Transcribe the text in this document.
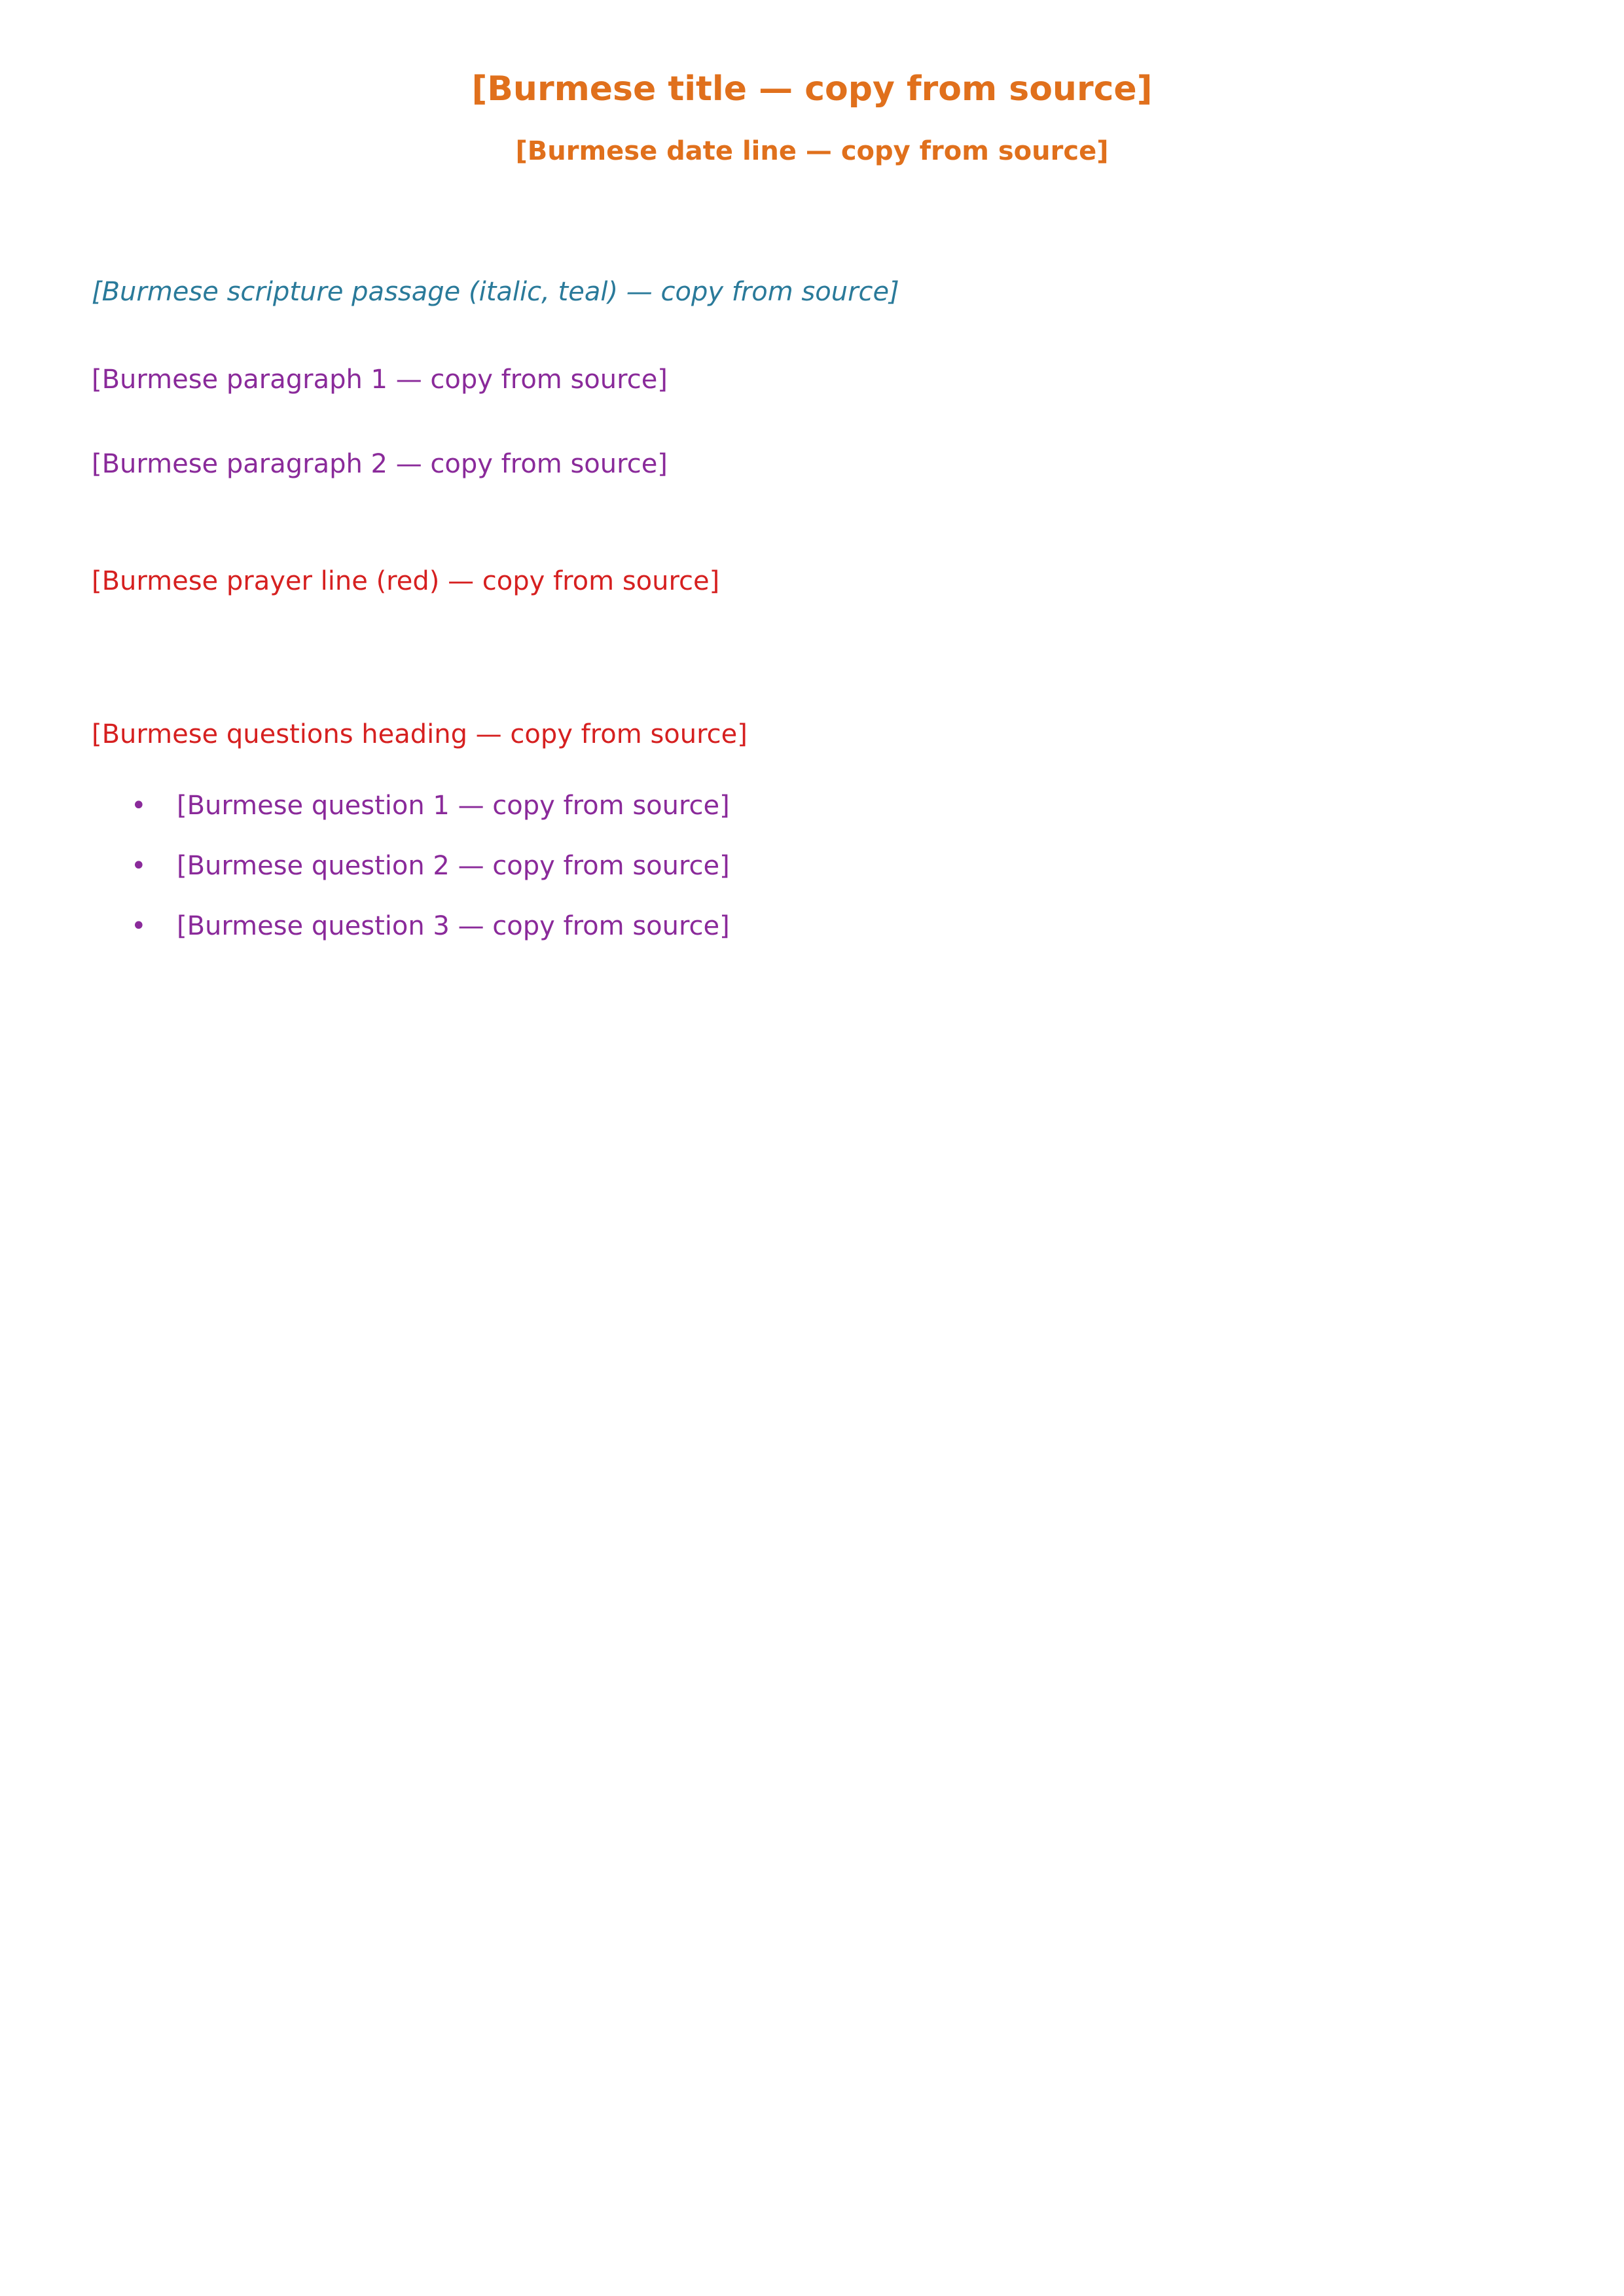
[Burmese title — copy from source]
[Burmese date line — copy from source]

[Burmese scripture passage (italic, teal) — copy from source]

[Burmese paragraph 1 — copy from source]

[Burmese paragraph 2 — copy from source]

[Burmese prayer line (red) — copy from source]

[Burmese questions heading — copy from source]

• [Burmese question 1 — copy from source]
• [Burmese question 2 — copy from source]
• [Burmese question 3 — copy from source]
